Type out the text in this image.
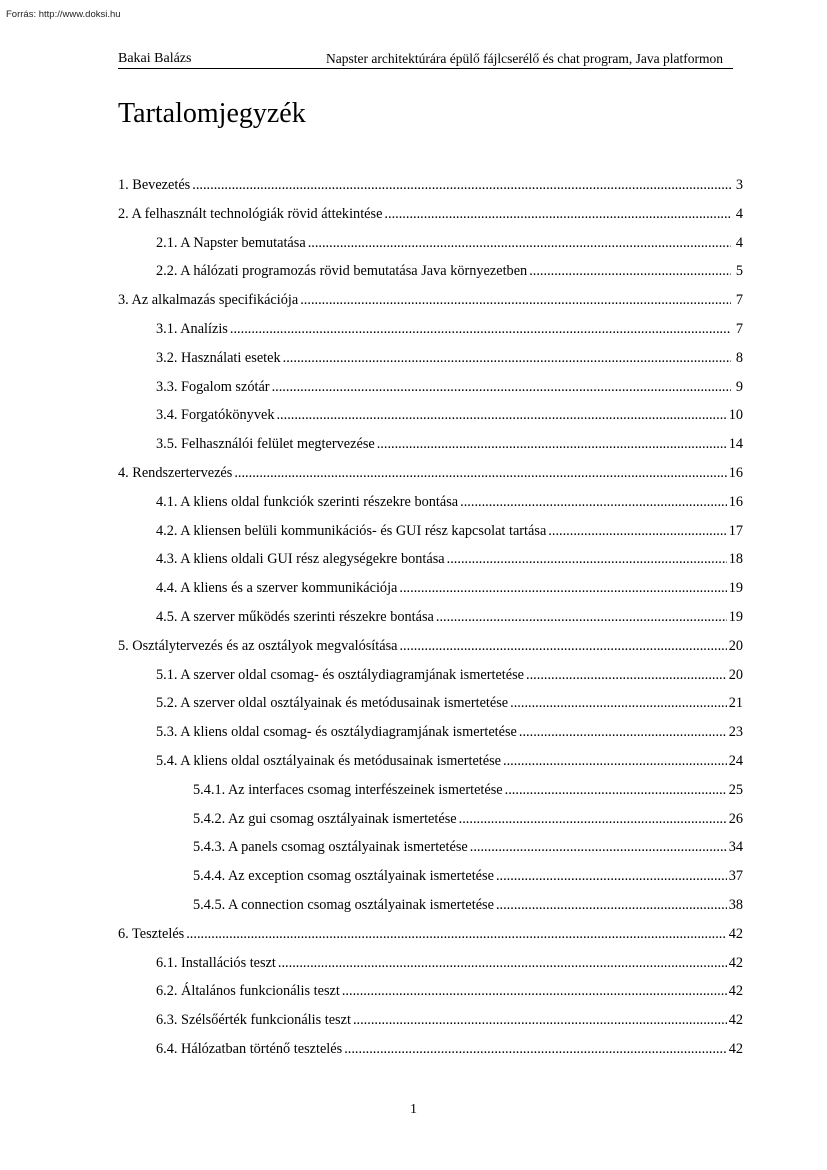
Forrás: http://www.doksi.hu
Bakai Balázs	Napster architektúrára épülő fájlcserélő és chat program, Java platformon
Tartalomjegyzék
1. Bevezetés .....	3
2. A felhasznált technológiák rövid áttekintése .....	4
2.1. A Napster bemutatása .....	4
2.2. A hálózati programozás rövid bemutatása Java környezetben .....	5
3. Az alkalmazás specifikációja .....	7
3.1. Analízis .....	7
3.2. Használati esetek .....	8
3.3. Fogalom szótár .....	9
3.4. Forgatókönyvek .....	10
3.5. Felhasználói felület megtervezése .....	14
4. Rendszertervezés .....	16
4.1. A kliens oldal funkciók szerinti részekre bontása .....	16
4.2. A kliensen belüli kommunikációs- és GUI rész kapcsolat tartása .....	17
4.3. A kliens oldali GUI rész alegységekre bontása .....	18
4.4. A kliens és a szerver kommunikációja .....	19
4.5. A szerver működés szerinti részekre bontása .....	19
5. Osztálytervezés és az osztályok megvalósítása .....	20
5.1. A szerver oldal csomag- és osztálydiagramjának ismertetése .....	20
5.2. A szerver oldal osztályainak és metódusainak ismertetése .....	21
5.3. A kliens oldal csomag- és osztálydiagramjának ismertetése .....	23
5.4. A kliens oldal osztályainak és metódusainak ismertetése .....	24
5.4.1. Az interfaces csomag interfészeinek ismertetése .....	25
5.4.2. Az gui csomag osztályainak ismertetése .....	26
5.4.3. A panels csomag osztályainak ismertetése .....	34
5.4.4. Az exception csomag osztályainak ismertetése .....	37
5.4.5. A connection csomag osztályainak ismertetése .....	38
6. Tesztelés .....	42
6.1. Installációs teszt .....	42
6.2. Általános funkcionális teszt .....	42
6.3. Szélsőérték funkcionális teszt .....	42
6.4. Hálózatban történő tesztelés .....	42
1
